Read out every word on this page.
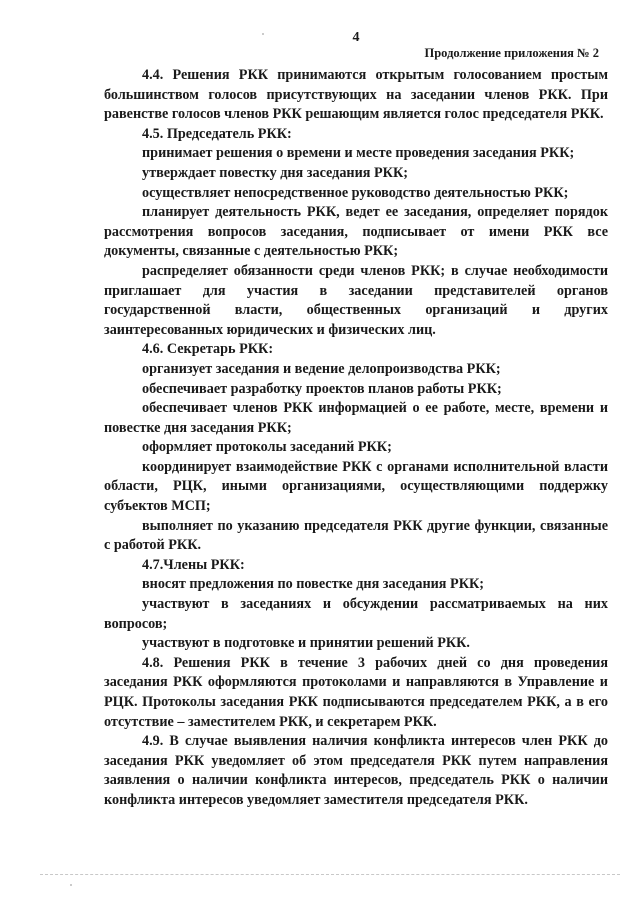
4
Продолжение приложения № 2

4.4. Решения РКК принимаются открытым голосованием простым большинством голосов присутствующих на заседании членов РКК. При равенстве голосов членов РКК решающим является голос председателя РКК.

4.5. Председатель РКК:

принимает решения о времени и месте проведения заседания РКК;

утверждает повестку дня заседания РКК;

осуществляет непосредственное руководство деятельностью РКК;

планирует деятельность РКК, ведет ее заседания, определяет порядок рассмотрения вопросов заседания, подписывает от имени РКК все документы, связанные с деятельностью РКК;

распределяет обязанности среди членов РКК; в случае необходимости приглашает для участия в заседании представителей органов государственной власти, общественных организаций и других заинтересованных юридических и физических лиц.

4.6. Секретарь РКК:

организует заседания и ведение делопроизводства РКК;

обеспечивает разработку проектов планов работы РКК;

обеспечивает членов РКК информацией о ее работе, месте, времени и повестке дня заседания РКК;

оформляет протоколы заседаний РКК;

координирует взаимодействие РКК с органами исполнительной власти области, РЦК, иными организациями, осуществляющими поддержку субъектов МСП;

выполняет по указанию председателя РКК другие функции, связанные с работой РКК.

4.7.Члены РКК:

вносят предложения по повестке дня заседания РКК;

участвуют в заседаниях и обсуждении рассматриваемых на них вопросов;

участвуют в подготовке и принятии решений РКК.

4.8. Решения РКК в течение 3 рабочих дней со дня проведения заседания РКК оформляются протоколами и направляются в Управление и РЦК. Протоколы заседания РКК подписываются председателем РКК, а в его отсутствие – заместителем РКК, и секретарем РКК.

4.9. В случае выявления наличия конфликта интересов член РКК до заседания РКК уведомляет об этом председателя РКК путем направления заявления о наличии конфликта интересов, председатель РКК о наличии конфликта интересов уведомляет заместителя председателя РКК.
